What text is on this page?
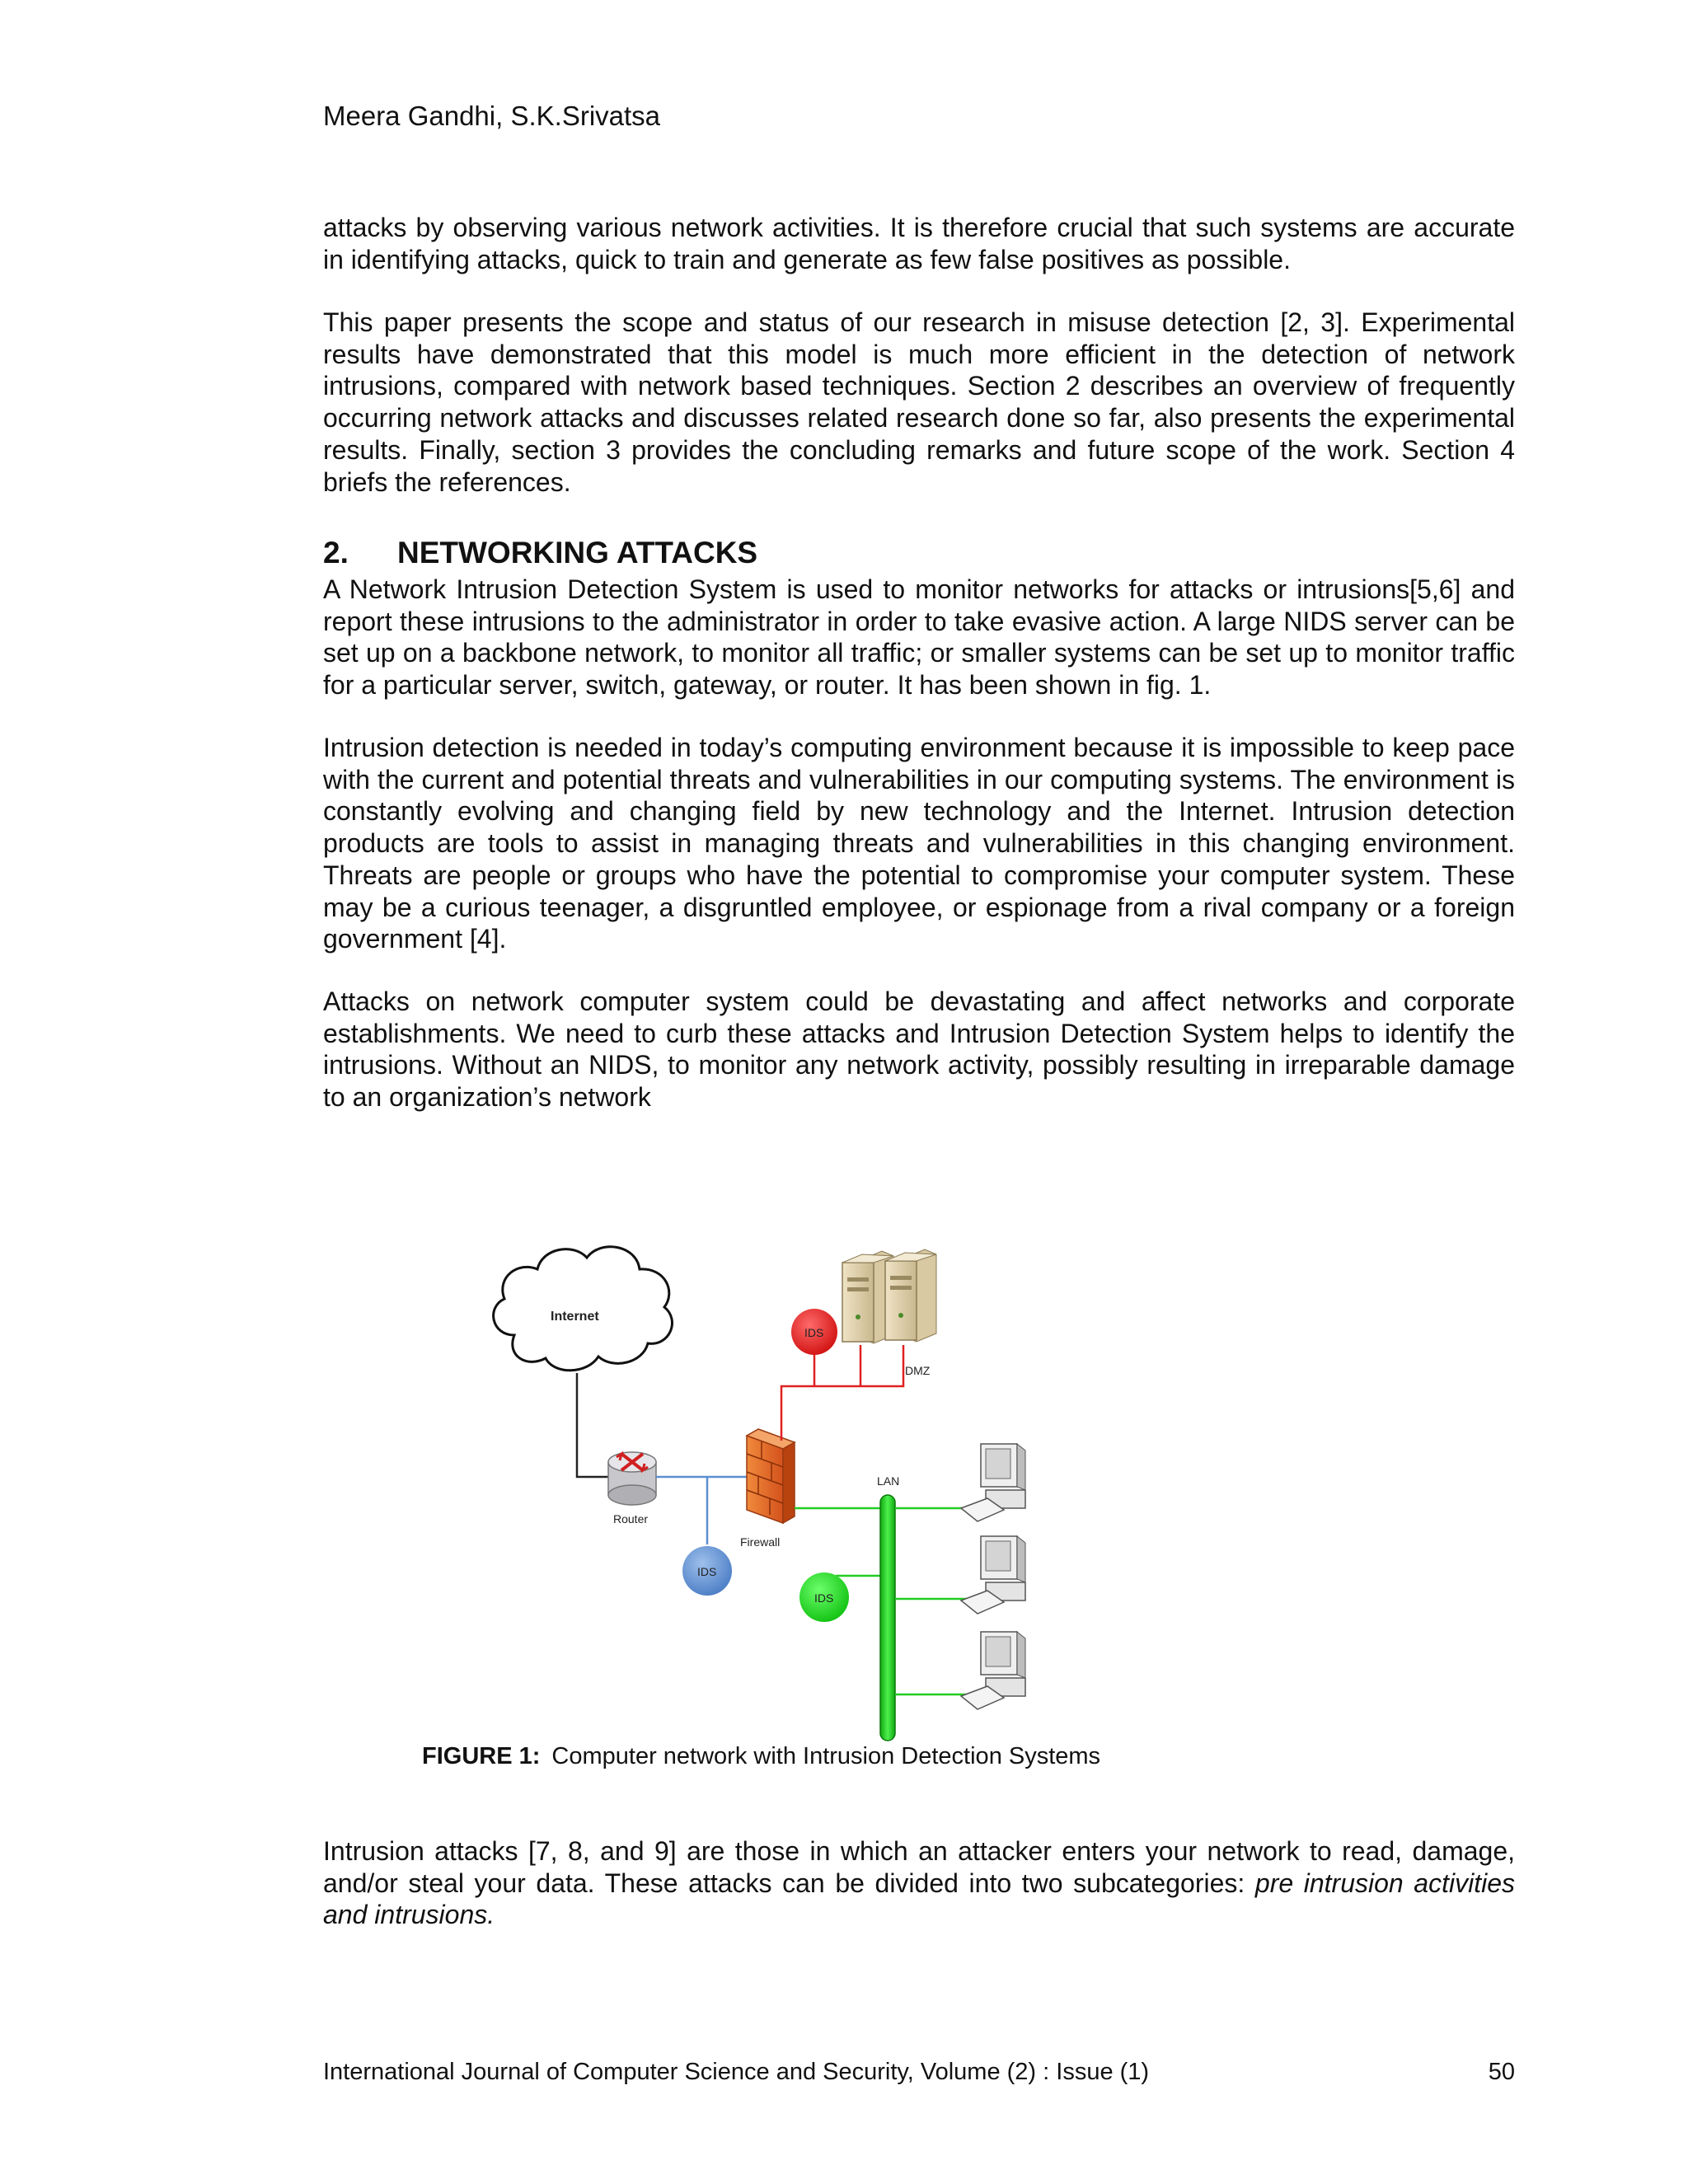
Meera Gandhi, S.K.Srivatsa

attacks by observing various network activities. It is therefore crucial that such systems are accurate in identifying attacks, quick to train and generate as few false positives as possible.

This paper presents the scope and status of our research in misuse detection [2, 3]. Experimental results have demonstrated that this model is much more efficient in the detection of network intrusions, compared with network based techniques. Section 2 describes an overview of frequently occurring network attacks and discusses related research done so far, also presents the experimental results. Finally, section 3 provides the concluding remarks and future scope of the work. Section 4 briefs the references.

2. NETWORKING ATTACKS

A Network Intrusion Detection System is used to monitor networks for attacks or intrusions[5,6] and report these intrusions to the administrator in order to take evasive action. A large NIDS server can be set up on a backbone network, to monitor all traffic; or smaller systems can be set up to monitor traffic for a particular server, switch, gateway, or router. It has been shown in fig. 1.

Intrusion detection is needed in today’s computing environment because it is impossible to keep pace with the current and potential threats and vulnerabilities in our computing systems. The environment is constantly evolving and changing field by new technology and the Internet. Intrusion detection products are tools to assist in managing threats and vulnerabilities in this changing environment. Threats are people or groups who have the potential to compromise your computer system. These may be a curious teenager, a disgruntled employee, or espionage from a rival company or a foreign government [4].

Attacks on network computer system could be devastating and affect networks and corporate establishments. We need to curb these attacks and Intrusion Detection System helps to identify the intrusions. Without an NIDS, to monitor any network activity, possibly resulting in irreparable damage to an organization’s network

Internet
Router
IDS
Firewall
IDS
DMZ
IDS
LAN
FIGURE 1: Computer network with Intrusion Detection Systems

Intrusion attacks [7, 8, and 9] are those in which an attacker enters your network to read, damage, and/or steal your data. These attacks can be divided into two subcategories: pre intrusion activities and intrusions.

International Journal of Computer Science and Security, Volume (2) : Issue (1)	50
